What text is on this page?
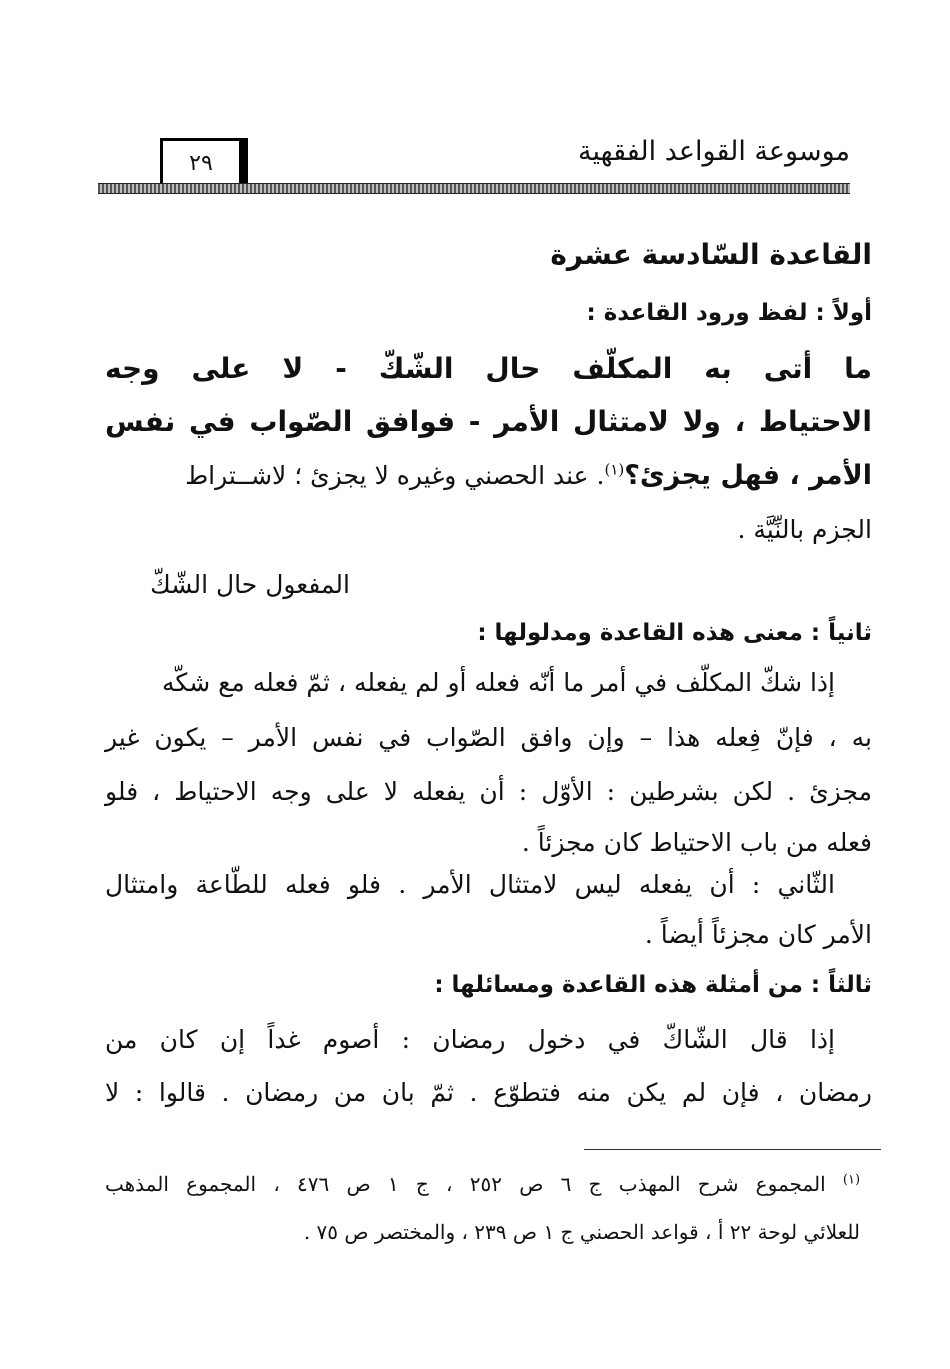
موسوعة القواعد الفقهية
٢٩
القاعدة السّادسة عشرة
أولاً : لفظ ورود القاعدة :
ما أتى به المكلّف حال الشّكّ - لا على وجه
الاحتياط ، ولا لامتثال الأمر - فوافق الصّواب في نفس
الأمر ، فهل يجزئ؟$^{(١)}$. عند الحصني وغيره لا يجزئ ؛ لاشــتراط
الجزم بالنِّيَّة .
المفعول حال الشّكّ
ثانياً : معنى هذه القاعدة ومدلولها :
إذا شكّ المكلّف في أمر ما أنّه فعله أو لم يفعله ، ثمّ فعله مع شكّه
به ، فإنّ فِعله هذا – وإن وافق الصّواب في نفس الأمر – يكون غير
مجزئ . لكن بشرطين : الأوّل : أن يفعله لا على وجه الاحتياط ، فلو
فعله من باب الاحتياط كان مجزئاً .
الثّاني : أن يفعله ليس لامتثال الأمر . فلو فعله للطّاعة وامتثال
الأمر كان مجزئاً أيضاً .
ثالثاً : من أمثلة هذه القاعدة ومسائلها :
إذا قال الشّاكّ في دخول رمضان : أصوم غداً إن كان من
رمضان ، فإن لم يكن منه فتطوّع . ثمّ بان من رمضان . قالوا : لا
$^{(١)}$ المجموع شرح المهذب ج ٦ ص ٢٥٢ ، ج ١ ص ٤٧٦ ، المجموع المذهب
للعلائي لوحة ٢٢ أ ، قواعد الحصني ج ١ ص ٢٣٩ ، والمختصر ص ٧٥ .
